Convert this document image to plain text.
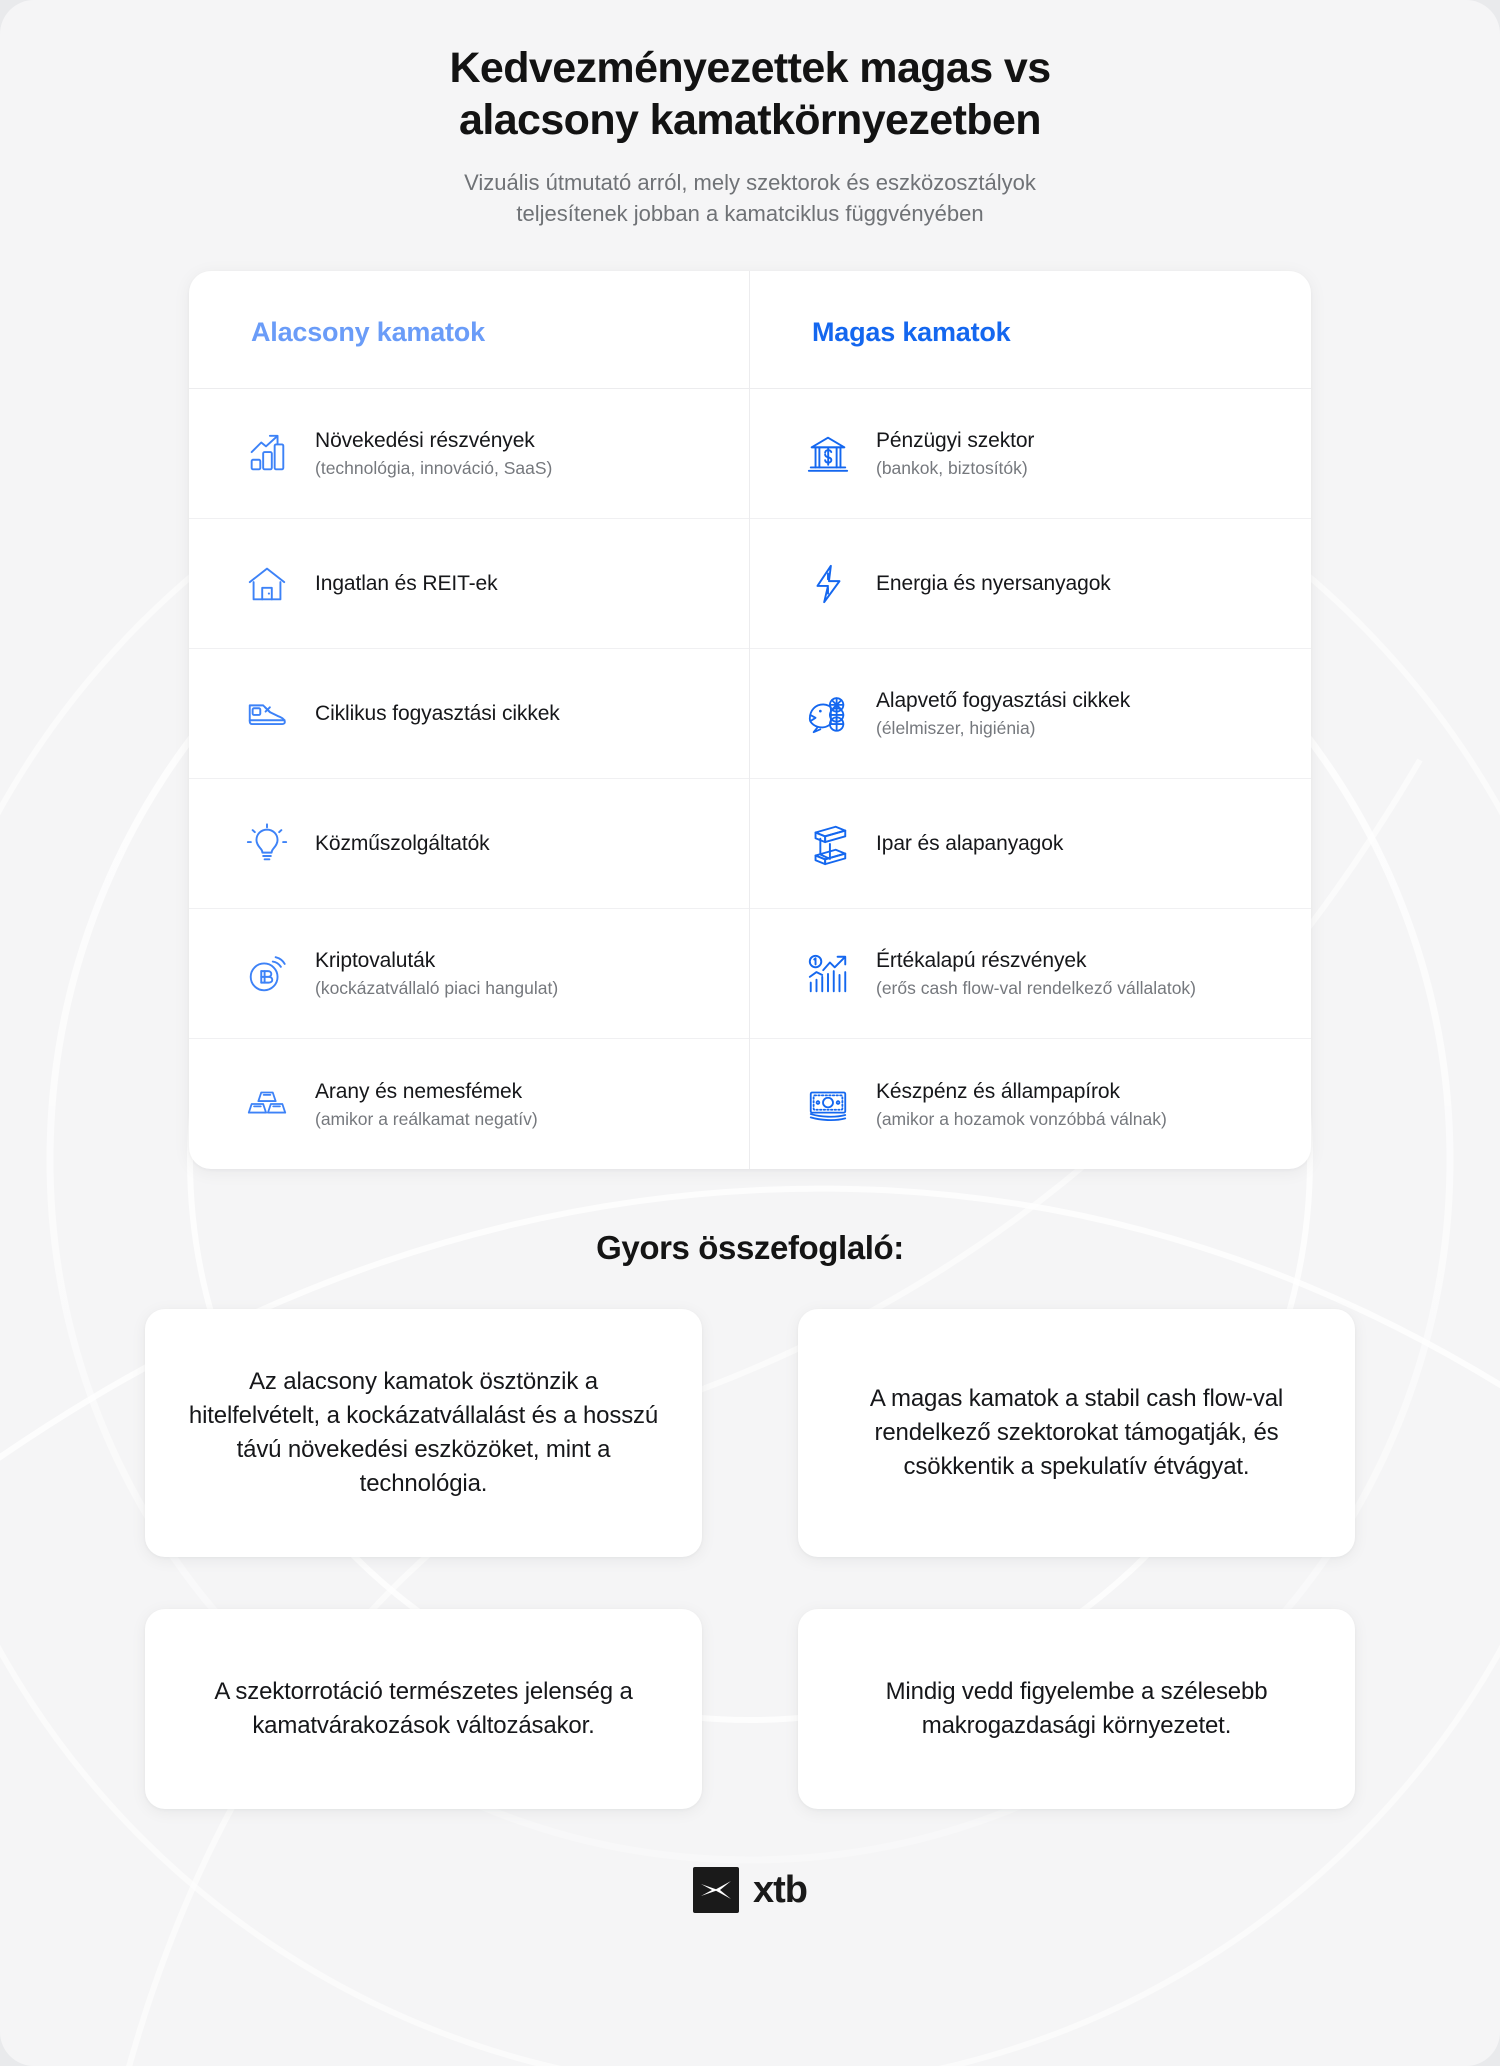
Kedvezményezettek magas vs
alacsony kamatkörnyezetben

Vizuális útmutató arról, mely szektorok és eszközosztályok
teljesítenek jobban a kamatciklus függvényében

Alacsony kamatok	Magas kamatok
Növekedési részvények
(technológia, innováció, SaaS)
Ingatlan és REIT-ek
Ciklikus fogyasztási cikkek
Közműszolgáltatók
Kriptovaluták
(kockázatvállaló piaci hangulat)
Arany és nemesfémek
(amikor a reálkamat negatív)
Pénzügyi szektor
(bankok, biztosítók)
Energia és nyersanyagok
Alapvető fogyasztási cikkek
(élelmiszer, higiénia)
Ipar és alapanyagok
Értékalapú részvények
(erős cash flow-val rendelkező vállalatok)
Készpénz és állampapírok
(amikor a hozamok vonzóbbá válnak)
Gyors összefoglaló:

Az alacsony kamatok ösztönzik a hitelfelvételt, a kockázatvállalást és a hosszú távú növekedési eszközöket, mint a technológia.

A magas kamatok a stabil cash flow-val rendelkező szektorokat támogatják, és csökkentik a spekulatív étvágyat.

A szektorrotáció természetes jelenség a kamatvárakozások változásakor.

Mindig vedd figyelembe a szélesebb makrogazdasági környezetet.

xtb
